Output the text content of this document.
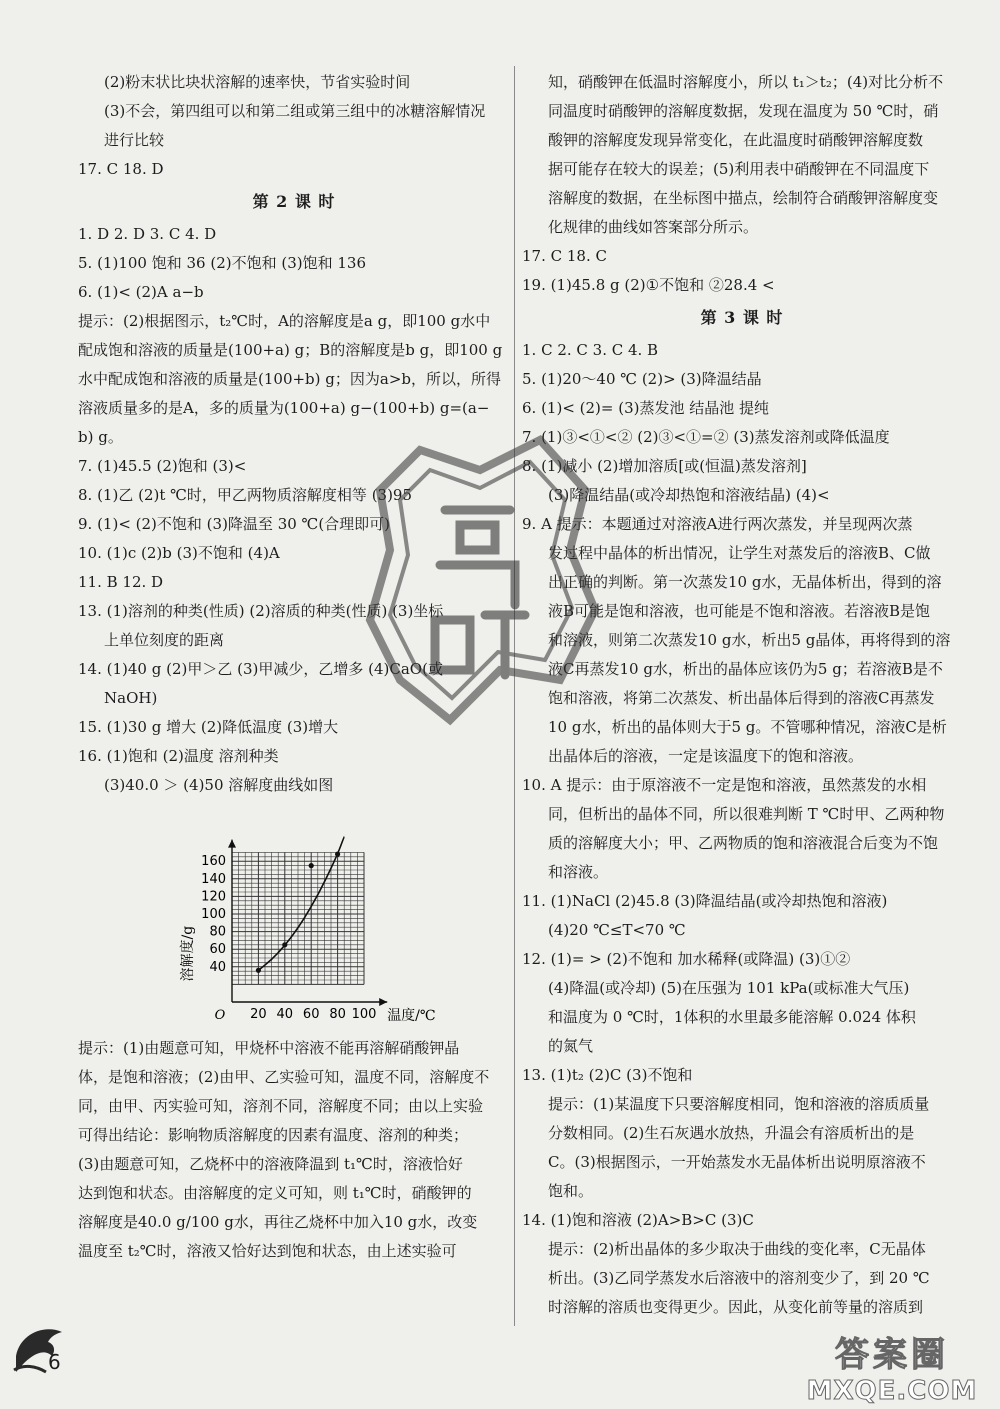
(2)粉末状比块状溶解的速率快，节省实验时间
(3)不会，第四组可以和第二组或第三组中的冰糖溶解情况
进行比较
17. C 18. D
第 2 课 时
1. D 2. D 3. C 4. D
5. (1)100 饱和 36 (2)不饱和 (3)饱和 136
6. (1)< (2)A a−b
提示：(2)根据图示，t₂℃时，A的溶解度是a g，即100 g水中
配成饱和溶液的质量是(100+a) g；B的溶解度是b g，即100 g
水中配成饱和溶液的质量是(100+b) g；因为a>b，所以，所得
溶液质量多的是A，多的质量为(100+a) g−(100+b) g=(a−
b) g。
7. (1)45.5 (2)饱和 (3)<
8. (1)乙 (2)t ℃时，甲乙两物质溶解度相等 (3)95
9. (1)< (2)不饱和 (3)降温至 30 ℃(合理即可)
10. (1)c (2)b (3)不饱和 (4)A
11. B 12. D
13. (1)溶剂的种类(性质) (2)溶质的种类(性质) (3)坐标
上单位刻度的距离
14. (1)40 g (2)甲＞乙 (3)甲减少，乙增多 (4)CaO(或
NaOH)
15. (1)30 g 增大 (2)降低温度 (3)增大
16. (1)饱和 (2)温度 溶剂种类
(3)40.0 ＞ (4)50 溶解度曲线如图
20 40 60 80 100
40
60
80
100
120
140
160
O	温度/℃
溶解度/g
提示：(1)由题意可知，甲烧杯中溶液不能再溶解硝酸钾晶
体，是饱和溶液；(2)由甲、乙实验可知，温度不同，溶解度不
同，由甲、丙实验可知，溶剂不同，溶解度不同；由以上实验
可得出结论：影响物质溶解度的因素有温度、溶剂的种类；
(3)由题意可知，乙烧杯中的溶液降温到 t₁℃时，溶液恰好
达到饱和状态。由溶解度的定义可知，则 t₁℃时，硝酸钾的
溶解度是40.0 g/100 g水，再往乙烧杯中加入10 g水，改变
温度至 t₂℃时，溶液又恰好达到饱和状态，由上述实验可
知，硝酸钾在低温时溶解度小，所以 t₁＞t₂；(4)对比分析不
同温度时硝酸钾的溶解度数据，发现在温度为 50 ℃时，硝
酸钾的溶解度发现异常变化，在此温度时硝酸钾溶解度数
据可能存在较大的误差；(5)利用表中硝酸钾在不同温度下
溶解度的数据，在坐标图中描点，绘制符合硝酸钾溶解度变
化规律的曲线如答案部分所示。
17. C 18. C
19. (1)45.8 g (2)①不饱和 ②28.4 <
第 3 课 时
1. C 2. C 3. C 4. B
5. (1)20～40 ℃ (2)> (3)降温结晶
6. (1)< (2)= (3)蒸发池 结晶池 提纯
7. (1)③<①<② (2)③<①=② (3)蒸发溶剂或降低温度
8. (1)减小 (2)增加溶质[或(恒温)蒸发溶剂]
(3)降温结晶(或冷却热饱和溶液结晶) (4)<
9. A 提示：本题通过对溶液A进行两次蒸发，并呈现两次蒸
发过程中晶体的析出情况，让学生对蒸发后的溶液B、C做
出正确的判断。第一次蒸发10 g水，无晶体析出，得到的溶
液B可能是饱和溶液，也可能是不饱和溶液。若溶液B是饱
和溶液，则第二次蒸发10 g水，析出5 g晶体，再将得到的溶
液C再蒸发10 g水，析出的晶体应该仍为5 g；若溶液B是不
饱和溶液，将第二次蒸发、析出晶体后得到的溶液C再蒸发
10 g水，析出的晶体则大于5 g。不管哪种情况，溶液C是析
出晶体后的溶液，一定是该温度下的饱和溶液。
10. A 提示：由于原溶液不一定是饱和溶液，虽然蒸发的水相
同，但析出的晶体不同，所以很难判断 T ℃时甲、乙两种物
质的溶解度大小；甲、乙两物质的饱和溶液混合后变为不饱
和溶液。
11. (1)NaCl (2)45.8 (3)降温结晶(或冷却热饱和溶液)
(4)20 ℃≤T<70 ℃
12. (1)= > (2)不饱和 加水稀释(或降温) (3)①②
(4)降温(或冷却) (5)在压强为 101 kPa(或标准大气压)
和温度为 0 ℃时，1体积的水里最多能溶解 0.024 体积
的氮气
13. (1)t₂ (2)C (3)不饱和
提示：(1)某温度下只要溶解度相同，饱和溶液的溶质质量
分数相同。(2)生石灰遇水放热，升温会有溶质析出的是
C。(3)根据图示，一开始蒸发水无晶体析出说明原溶液不
饱和。
14. (1)饱和溶液 (2)A>B>C (3)C
提示：(2)析出晶体的多少取决于曲线的变化率，C无晶体
析出。(3)乙同学蒸发水后溶液中的溶剂变少了，到 20 ℃
时溶解的溶质也变得更少。因此，从变化前等量的溶质到
6	答案圈
MXQE.COM
